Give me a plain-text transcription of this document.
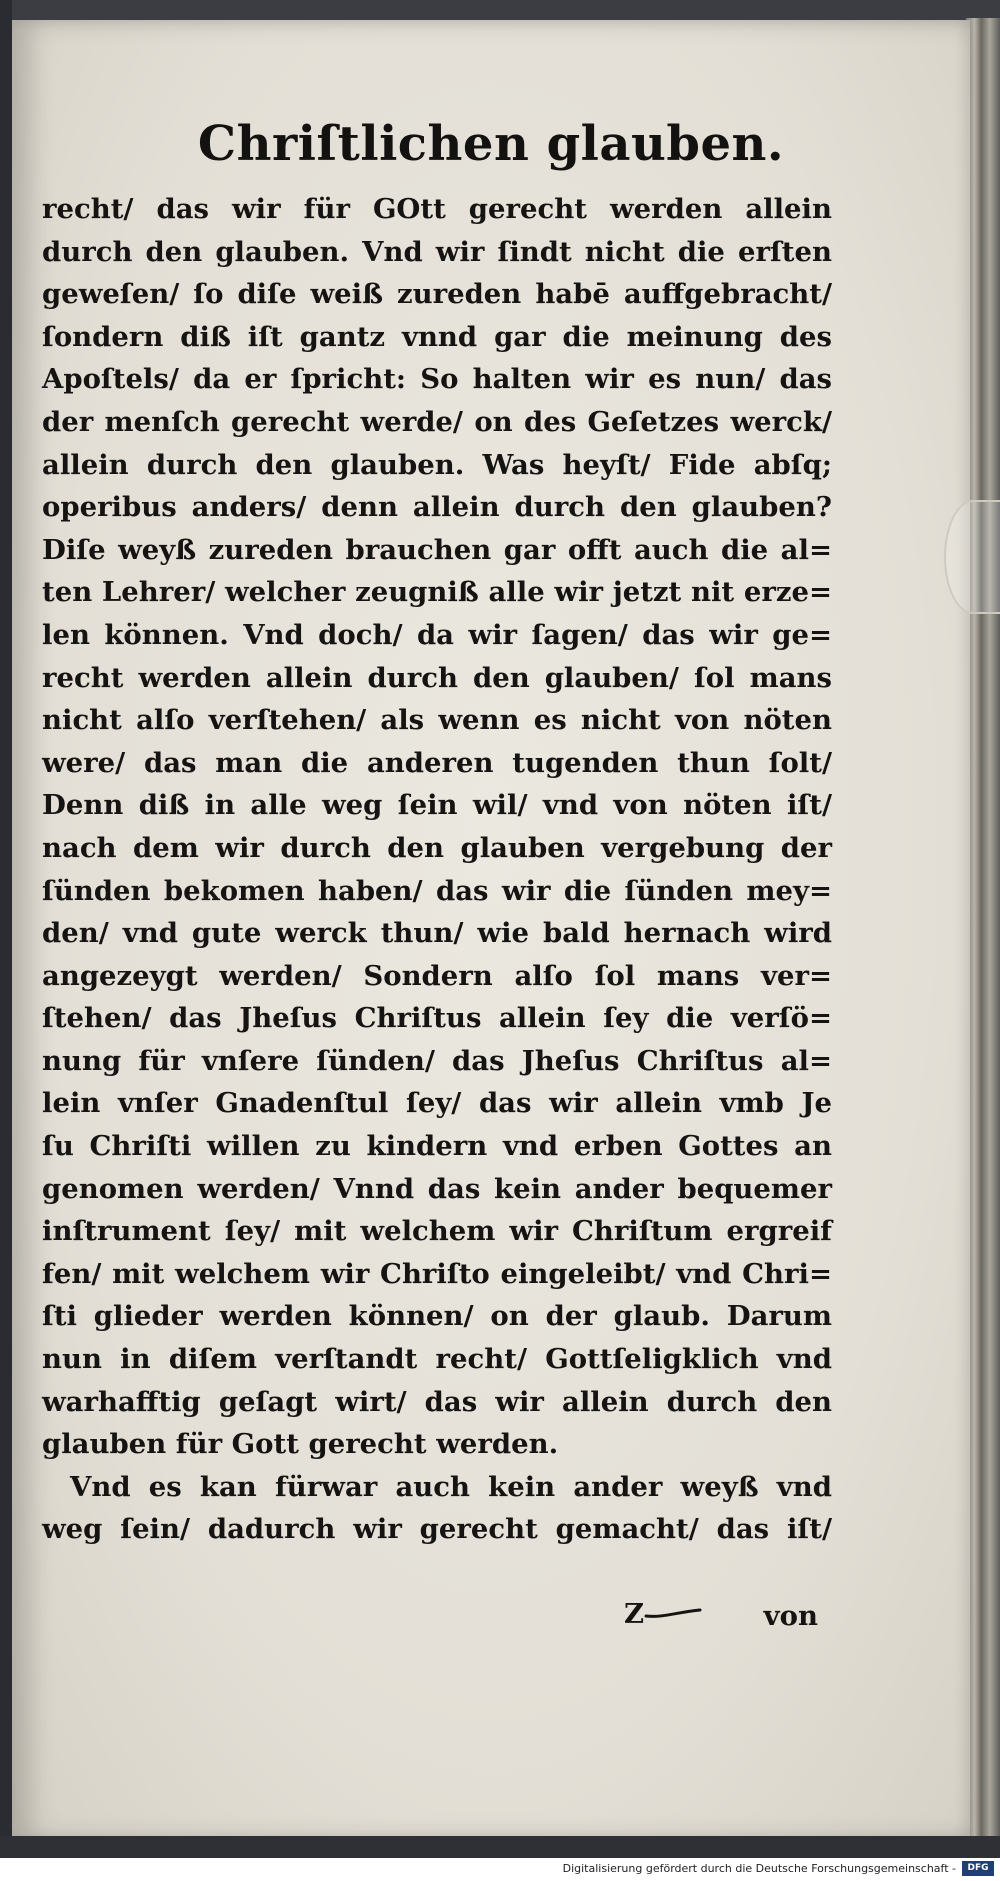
Chriſtlichen glauben.
recht/ das wir für GOtt gerecht werden allein
durch den glauben. Vnd wir ſindt nicht die erſten
geweſen/ ſo diſe weiß zureden habē auffgebracht/
ſondern diß iſt gantz vnnd gar die meinung des
Apoſtels/ da er ſpricht: So halten wir es nun/ das
der menſch gerecht werde/ on des Geſetzes werck/
allein durch den glauben. Was heyſt/ Fide abſq;
operibus anders/ denn allein durch den glauben?
Diſe weyß zureden brauchen gar offt auch die al=
ten Lehrer/ welcher zeugniß alle wir jetzt nit erze=
len können. Vnd doch/ da wir ſagen/ das wir ge=
recht werden allein durch den glauben/ ſol mans
nicht alſo verſtehen/ als wenn es nicht von nöten
were/ das man die anderen tugenden thun ſolt/
Denn diß in alle weg ſein wil/ vnd von nöten iſt/
nach dem wir durch den glauben vergebung der
ſünden bekomen haben/ das wir die ſünden mey=
den/ vnd gute werck thun/ wie bald hernach wird
angezeygt werden/ Sondern alſo ſol mans ver=
ſtehen/ das Jheſus Chriſtus allein ſey die verſö=
nung für vnſere ſünden/ das Jheſus Chriſtus al=
lein vnſer Gnadenſtul ſey/ das wir allein vmb Je
ſu Chriſti willen zu kindern vnd erben Gottes an
genomen werden/ Vnnd das kein ander bequemer
inſtrument ſey/ mit welchem wir Chriſtum ergreif
fen/ mit welchem wir Chriſto eingeleibt/ vnd Chri=
ſti glieder werden können/ on der glaub. Darum
nun in diſem verſtandt recht/ Gottſeligklich vnd
warhafftig geſagt wirt/ das wir allein durch den
glauben für Gott gerecht werden.
Vnd es kan fürwar auch kein ander weyß vnd
weg ſein/ dadurch wir gerecht gemacht/ das iſt/
Z	von
Digitalisierung gefördert durch die Deutsche Forschungsgemeinschaft -	DFG
